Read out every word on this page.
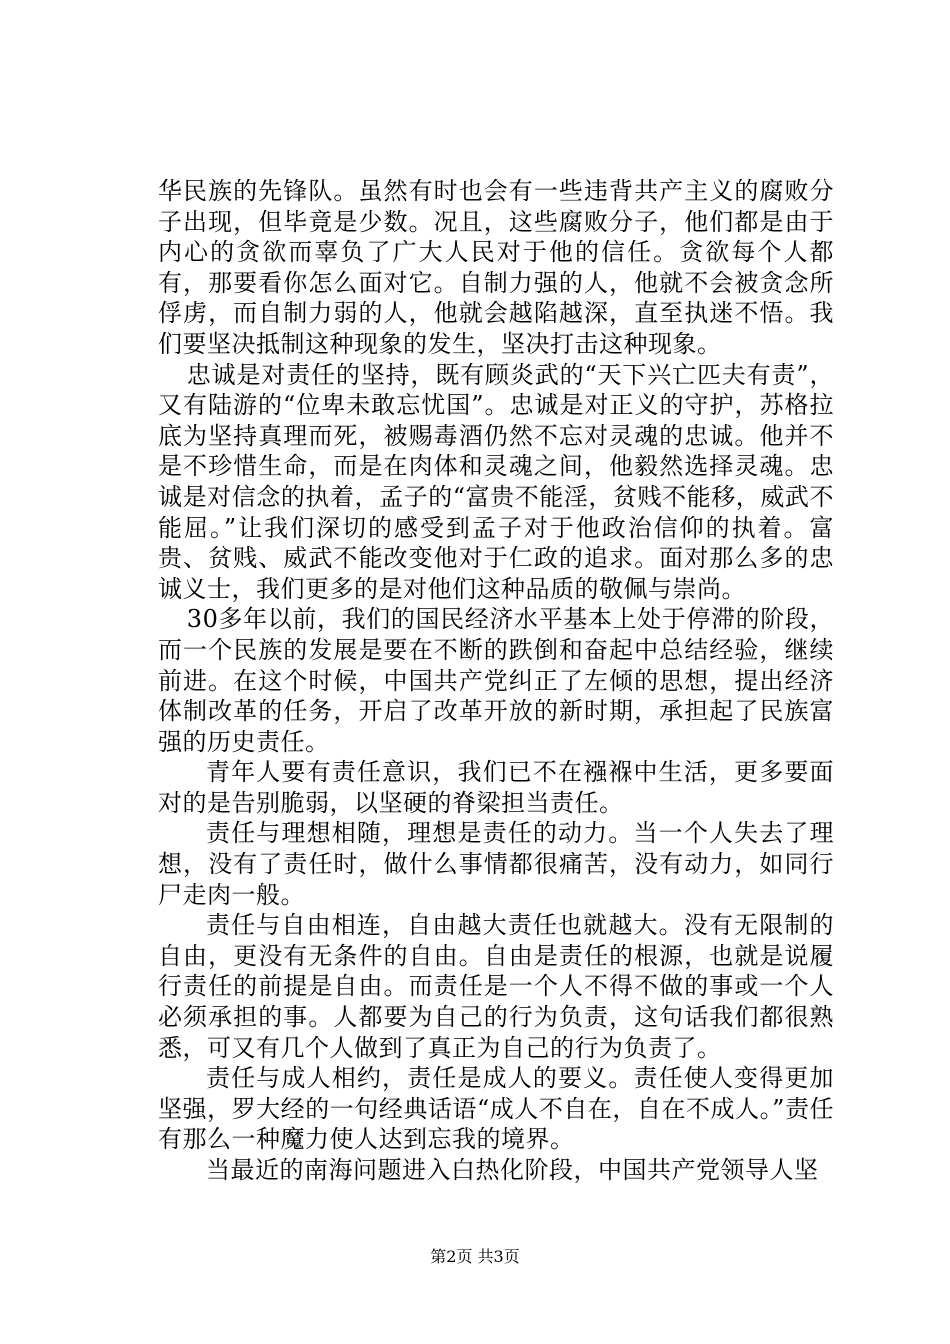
华民族的先锋队。虽然有时也会有一些违背共产主义的腐败分子出现，但毕竟是少数。况且，这些腐败分子，他们都是由于内心的贪欲而辜负了广大人民对于他的信任。贪欲每个人都有，那要看你怎么面对它。自制力强的人，他就不会被贪念所俘虏，而自制力弱的人，他就会越陷越深，直至执迷不悟。我们要坚决抵制这种现象的发生，坚决打击这种现象。

忠诚是对责任的坚持，既有顾炎武的“天下兴亡匹夫有责”，又有陆游的“位卑未敢忘忧国”。忠诚是对正义的守护，苏格拉底为坚持真理而死，被赐毒酒仍然不忘对灵魂的忠诚。他并不是不珍惜生命，而是在肉体和灵魂之间，他毅然选择灵魂。忠诚是对信念的执着，孟子的“富贵不能淫，贫贱不能移，威武不能屈。”让我们深切的感受到孟子对于他政治信仰的执着。富贵、贫贱、威武不能改变他对于仁政的追求。面对那么多的忠诚义士，我们更多的是对他们这种品质的敬佩与崇尚。

30多年以前，我们的国民经济水平基本上处于停滞的阶段，而一个民族的发展是要在不断的跌倒和奋起中总结经验，继续前进。在这个时候，中国共产党纠正了左倾的思想，提出经济体制改革的任务，开启了改革开放的新时期，承担起了民族富强的历史责任。

青年人要有责任意识，我们已不在襁褓中生活，更多要面对的是告别脆弱，以坚硬的脊梁担当责任。

责任与理想相随，理想是责任的动力。当一个人失去了理想，没有了责任时，做什么事情都很痛苦，没有动力，如同行尸走肉一般。

责任与自由相连，自由越大责任也就越大。没有无限制的自由，更没有无条件的自由。自由是责任的根源，也就是说履行责任的前提是自由。而责任是一个人不得不做的事或一个人必须承担的事。人都要为自己的行为负责，这句话我们都很熟悉，可又有几个人做到了真正为自己的行为负责了。

责任与成人相约，责任是成人的要义。责任使人变得更加坚强，罗大经的一句经典话语“成人不自在，自在不成人。”责任有那么一种魔力使人达到忘我的境界。

当最近的南海问题进入白热化阶段，中国共产党领导人坚

第2页 共3页
